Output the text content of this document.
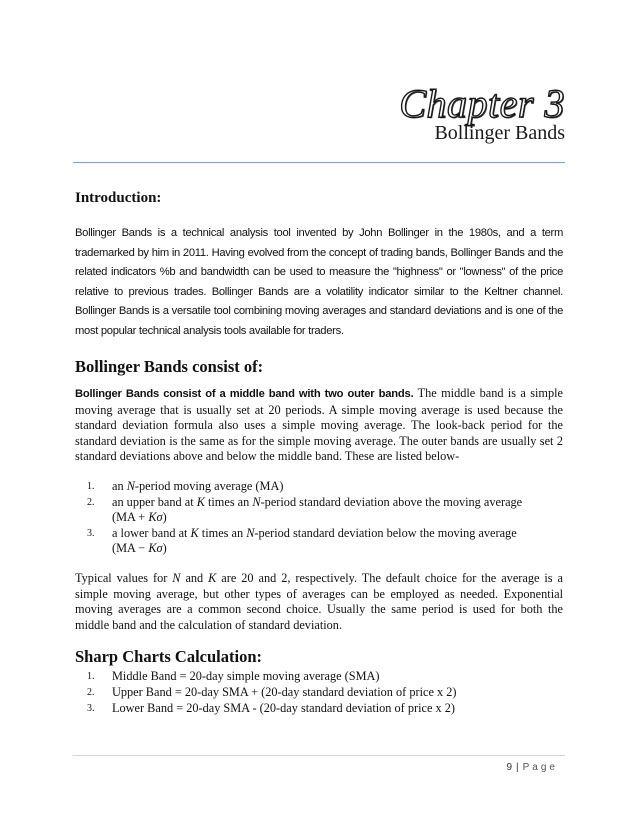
Chapter 3
Bollinger Bands
Introduction:

Bollinger Bands is a technical analysis tool invented by John Bollinger in the 1980s, and a term trademarked by him in 2011. Having evolved from the concept of trading bands, Bollinger Bands and the related indicators %b and bandwidth can be used to measure the "highness" or "lowness" of the price relative to previous trades. Bollinger Bands are a volatility indicator similar to the Keltner channel. Bollinger Bands is a versatile tool combining moving averages and standard deviations and is one of the most popular technical analysis tools available for traders.

Bollinger Bands consist of:

Bollinger Bands consist of a middle band with two outer bands. The middle band is a simple moving average that is usually set at 20 periods. A simple moving average is used because the standard deviation formula also uses a simple moving average. The look-back period for the standard deviation is the same as for the simple moving average. The outer bands are usually set 2 standard deviations above and below the middle band. These are listed below-

1. an N-period moving average (MA)
2. an upper band at K times an N-period standard deviation above the moving average
(MA + Kσ)
3. a lower band at K times an N-period standard deviation below the moving average
(MA − Kσ)

Typical values for N and K are 20 and 2, respectively. The default choice for the average is a simple moving average, but other types of averages can be employed as needed. Exponential moving averages are a common second choice. Usually the same period is used for both the middle band and the calculation of standard deviation.

Sharp Charts Calculation:
1. Middle Band = 20-day simple moving average (SMA)
2. Upper Band = 20-day SMA + (20-day standard deviation of price x 2)
3. Lower Band = 20-day SMA - (20-day standard deviation of price x 2)
9 | Page
